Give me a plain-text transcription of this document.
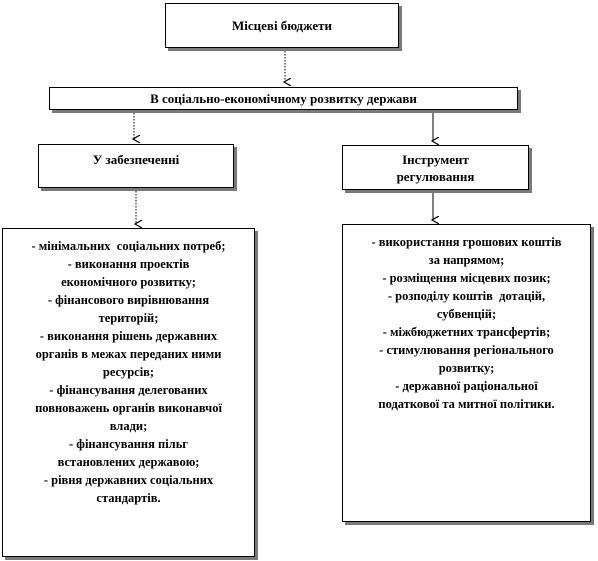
Місцеві бюджети
В соціально-економічному розвитку держави
У забезпеченні	Інструмент
регулювання
- мінімальних  соціальних потреб;
- виконання проектів
економічного розвитку;
- фінансового вирівнювання
територій;
- виконання рішень державних
органів в межах переданих ними
ресурсів;
- фінансування делегованих
повноважень органів виконавчої
влади;
- фінансування пільг
встановлених державою;
- рівня державних соціальних
стандартів.
- використання грошових коштів
за напрямом;
- розміщення місцевих позик;
- розподілу коштів  дотацій,
субвенцій;
- міжбюджетних трансфертів;
- стимулювання регіонального
розвитку;
- державної раціональної
податкової та митної політики.
